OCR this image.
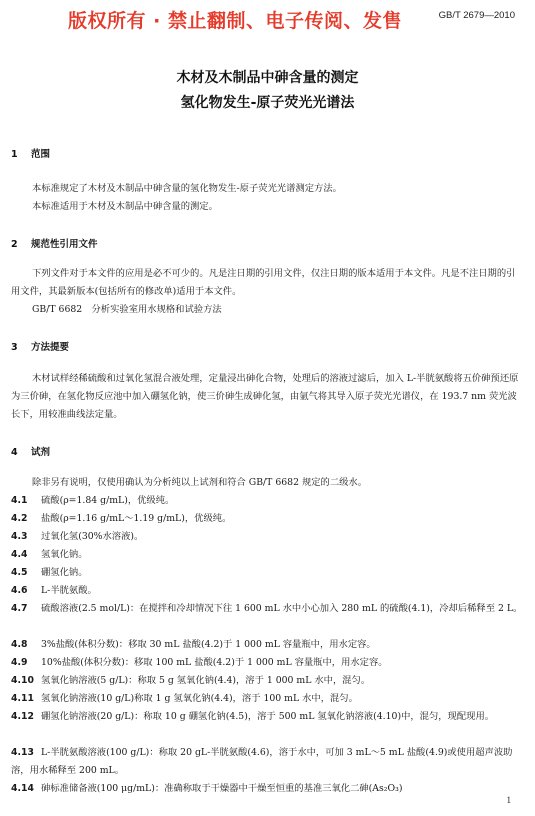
版权所有 · 禁止翻制、电子传阅、发售	GB/T 2679—2010
木材及木制品中砷含量的测定
氢化物发生-原子荧光光谱法
1 范围
本标准规定了木材及木制品中砷含量的氢化物发生-原子荧光光谱测定方法。
本标准适用于木材及木制品中砷含量的测定。
2 规范性引用文件
下列文件对于本文件的应用是必不可少的。凡是注日期的引用文件，仅注日期的版本适用于本文件。凡是不注日期的引用文件，其最新版本(包括所有的修改单)适用于本文件。
GB/T 6682　分析实验室用水规格和试验方法
3 方法提要
木材试样经稀硫酸和过氧化氢混合液处理，定量浸出砷化合物，处理后的溶液过滤后，加入 L-半胱氨酸将五价砷预还原为三价砷，在氢化物反应池中加入硼氢化钠，使三价砷生成砷化氢，由氩气将其导入原子荧光光谱仪，在 193.7 nm 荧光波长下，用较准曲线法定量。
4 试剂
除非另有说明，仅使用确认为分析纯以上试剂和符合 GB/T 6682 规定的二级水。
4.1 硫酸(ρ=1.84 g/mL)，优级纯。
4.2 盐酸(ρ=1.16 g/mL～1.19 g/mL)，优级纯。
4.3 过氧化氢(30%水溶液)。
4.4 氢氧化钠。
4.5 硼氢化钠。
4.6 L-半胱氨酸。
4.7 硫酸溶液(2.5 mol/L)：在搅拌和冷却情况下往 1 600 mL 水中小心加入 280 mL 的硫酸(4.1)，冷却后稀释至 2 L。
4.8 3%盐酸(体积分数)：移取 30 mL 盐酸(4.2)于 1 000 mL 容量瓶中，用水定容。
4.9 10%盐酸(体积分数)：移取 100 mL 盐酸(4.2)于 1 000 mL 容量瓶中，用水定容。
4.10 氢氧化钠溶液(5 g/L)：称取 5 g 氢氧化钠(4.4)，溶于 1 000 mL 水中，混匀。
4.11 氢氧化钠溶液(10 g/L)称取 1 g 氢氧化钠(4.4)，溶于 100 mL 水中，混匀。
4.12 硼氢化钠溶液(20 g/L)：称取 10 g 硼氢化钠(4.5)，溶于 500 mL 氢氧化钠溶液(4.10)中，混匀，现配现用。
4.13 L-半胱氨酸溶液(100 g/L)：称取 20 gL-半胱氨酸(4.6)，溶于水中，可加 3 mL～5 mL 盐酸(4.9)或使用超声波助溶，用水稀释至 200 mL。
4.14 砷标准储备液(100 μg/mL)：准确称取于干燥器中干燥至恒重的基准三氧化二砷(As₂O₃)
1
